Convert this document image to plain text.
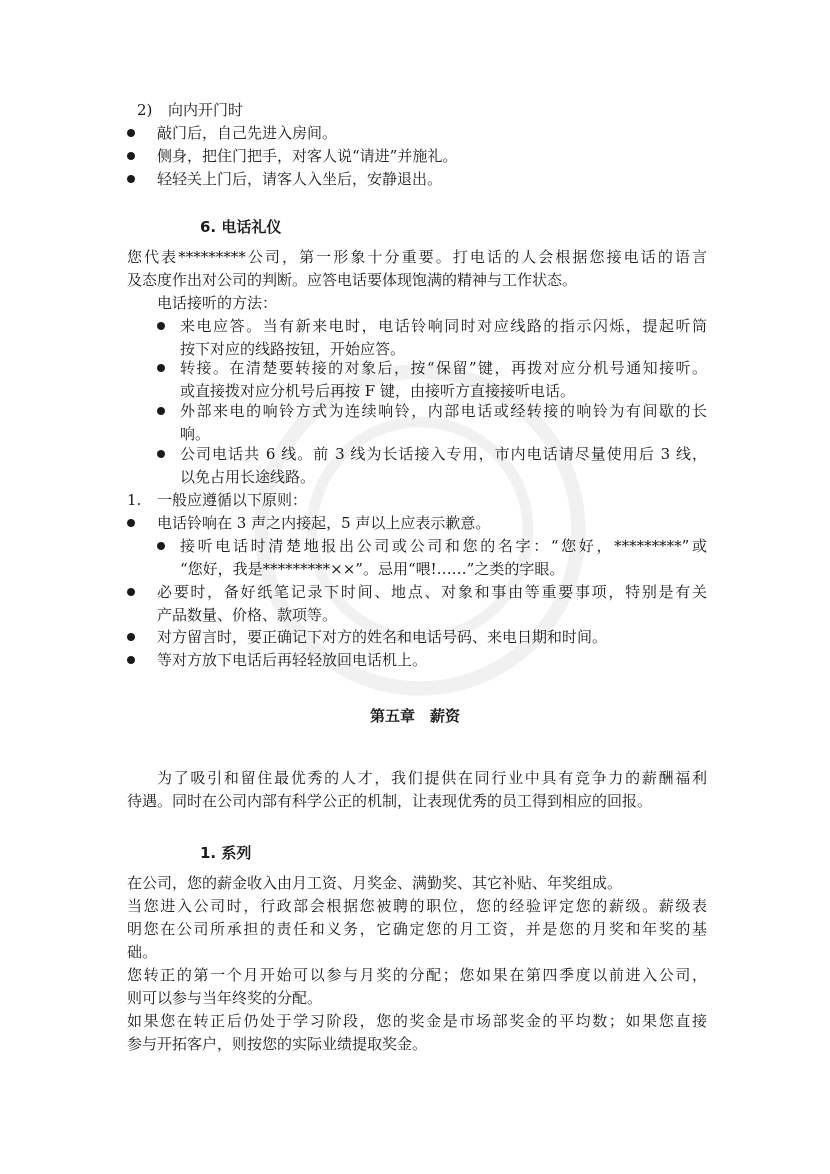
2) 向内开门时
敲门后，自己先进入房间。
侧身，把住门把手，对客人说“请进”并施礼。
轻轻关上门后，请客人入坐后，安静退出。
6. 电话礼仪
您代表*********公司，第一形象十分重要。打电话的人会根据您接电话的语言
及态度作出对公司的判断。应答电话要体现饱满的精神与工作状态。
电话接听的方法：
来电应答。当有新来电时，电话铃响同时对应线路的指示闪烁，提起听筒
按下对应的线路按钮，开始应答。
转接。在清楚要转接的对象后，按“保留”键，再拨对应分机号通知接听。
或直接拨对应分机号后再按 F 键，由接听方直接接听电话。
外部来电的响铃方式为连续响铃，内部电话或经转接的响铃为有间歇的长
响。
公司电话共 6 线。前 3 线为长话接入专用，市内电话请尽量使用后 3 线，
以免占用长途线路。
1. 一般应遵循以下原则：
电话铃响在 3 声之内接起，5 声以上应表示歉意。
接听电话时清楚地报出公司或公司和您的名字：“您好，*********”或
“您好，我是*********××”。忌用“喂!……”之类的字眼。
必要时，备好纸笔记录下时间、地点、对象和事由等重要事项，特别是有关
产品数量、价格、款项等。
对方留言时，要正确记下对方的姓名和电话号码、来电日期和时间。
等对方放下电话后再轻轻放回电话机上。
第五章　薪资
为了吸引和留住最优秀的人才，我们提供在同行业中具有竞争力的薪酬福利
待遇。同时在公司内部有科学公正的机制，让表现优秀的员工得到相应的回报。
1. 系列
在公司，您的薪金收入由月工资、月奖金、满勤奖、其它补贴、年奖组成。
当您进入公司时，行政部会根据您被聘的职位，您的经验评定您的薪级。薪级表
明您在公司所承担的责任和义务，它确定您的月工资，并是您的月奖和年奖的基
础。
您转正的第一个月开始可以参与月奖的分配；您如果在第四季度以前进入公司，
则可以参与当年终奖的分配。
如果您在转正后仍处于学习阶段，您的奖金是市场部奖金的平均数；如果您直接
参与开拓客户，则按您的实际业绩提取奖金。
